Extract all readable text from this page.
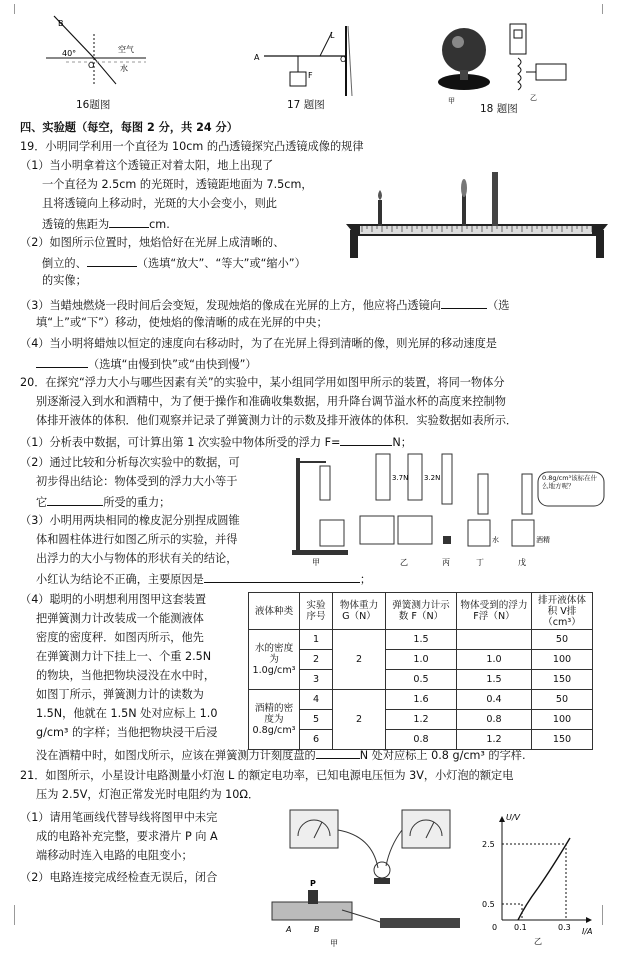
B
40°
O
空气
水
16题图
A	O
F
L
17 题图	甲	乙
18 题图
四、实验题（每空，每图 2 分，共 24 分）
19．小明同学利用一个直径为 10cm 的凸透镜探究凸透镜成像的规律
（1）当小明拿着这个透镜正对着太阳，地上出现了
一个直径为 2.5cm 的光斑时，透镜距地面为 7.5cm，
且将透镜向上移动时，光斑的大小会变小，则此
透镜的焦距为	cm.
（2）如图所示位置时，烛焰恰好在光屏上成清晰的、
倒立的、	（选填“放大”、“等大”或“缩小”）
的实像；
（3）当蜡烛燃烧一段时间后会变短，发现烛焰的像成在光屏的上方，他应将凸透镜向	（选
填“上”或“下”）移动，使烛焰的像清晰的成在光屏的中央；
（4）当小明将蜡烛以恒定的速度向右移动时，为了在光屏上得到清晰的像，则光屏的移动速度是
（选填“由慢到快”或“由快到慢”）
20．在探究“浮力大小与哪些因素有关”的实验中，某小组同学用如图甲所示的装置，将同一物体分
别逐渐浸入到水和酒精中，为了便于操作和准确收集数据，用升降台调节溢水杯的高度来控制物
体排开液体的体积．他们观察并记录了弹簧测力计的示数及排开液体的体积．实验数据如表所示．
（1）分析表中数据，可计算出第 1 次实验中物体所受的浮力 F=	N；
（2）通过比较和分析每次实验中的数据，可
初步得出结论：物体受到的浮力大小等于
它	所受的重力；
（3）小明用两块相同的橡皮泥分别捏成圆锥
体和圆柱体进行如图乙所示的实验，并得
出浮力的大小与物体的形状有关的结论，
小红认为结论不正确，主要原因是	；
甲
3.7N 3.2N
乙	丙
水
丁
酒精
戊
0.8g/cm³该标在什么地方呢？
（4）聪明的小明想利用图甲这套装置
把弹簧测力计改装成一个能测液体
密度的密度秤．如图丙所示，他先
在弹簧测力计下挂上一、个重 2.5N
的物块，当他把物块浸没在水中时，
如图丁所示，弹簧测力计的读数为
1.5N，他就在 1.5N 处对应标上 1.0
g/cm³ 的字样；当他把物块浸干后浸
没在酒精中时，如图戊所示，应该在弹簧测力计刻度盘的	N 处对应标上 0.8 g/cm³ 的字样.
液体种类	实验序号	物体重力 G（N）	弹簧测力计示数 F（N）	物体受到的浮力 F浮（N）	排开液体体积 V排（cm³）
水的密度为 1.0g/cm³	1	2	1.5		50
	2		1.0	1.0	100
	3		0.5	1.5	150
酒精的密度为 0.8g/cm³	4	2	1.6	0.4	50
	5		1.2	0.8	100
	6		0.8	1.2	150
21．如图所示，小星设计电路测量小灯泡 L 的额定电功率，已知电源电压恒为 3V，小灯泡的额定电
压为 2.5V，灯泡正常发光时电阻约为 10Ω．
（1）请用笔画线代替导线将图甲中未完
成的电路补充完整，要求滑片 P 向 A
端移动时连入电路的电阻变小；
（2）电路连接完成经检查无误后，闭合	P
A	B
甲
U/V
I/A
2.5
0.5
0 0.1	0.3
乙
